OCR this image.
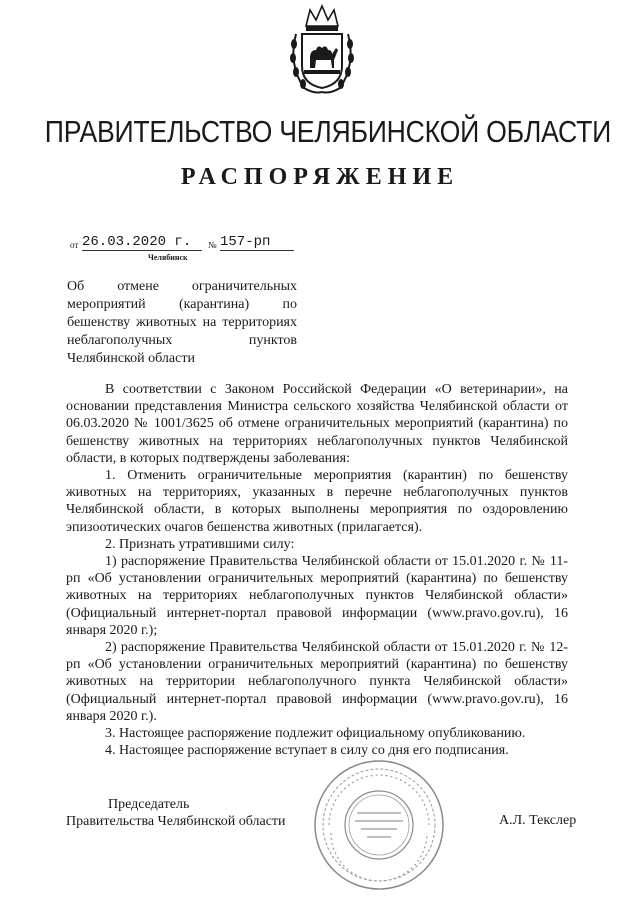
ПРАВИТЕЛЬСТВО ЧЕЛЯБИНСКОЙ ОБЛАСТИ
РАСПОРЯЖЕНИЕ
от 26.03.2020 г.	№ 157-рп
Челябинск
Об отмене ограничительных мероприятий (карантина) по бешенству животных на территориях неблагополучных пунктов Челябинской области

В соответствии с Законом Российской Федерации «О ветеринарии», на основании представления Министра сельского хозяйства Челябинской области от 06.03.2020 № 1001/3625 об отмене ограничительных мероприятий (карантина) по бешенству животных на территориях неблагополучных пунктов Челябинской области, в которых подтверждены заболевания:

1. Отменить ограничительные мероприятия (карантин) по бешенству животных на территориях, указанных в перечне неблагополучных пунктов Челябинской области, в которых выполнены мероприятия по оздоровлению эпизоотических очагов бешенства животных (прилагается).

2. Признать утратившими силу:

1) распоряжение Правительства Челябинской области от 15.01.2020 г. № 11-рп «Об установлении ограничительных мероприятий (карантина) по бешенству животных на территориях неблагополучных пунктов Челябинской области» (Официальный интернет-портал правовой информации (www.pravo.gov.ru), 16 января 2020 г.);

2) распоряжение Правительства Челябинской области от 15.01.2020 г. № 12-рп «Об установлении ограничительных мероприятий (карантина) по бешенству животных на территории неблагополучного пункта Челябинской области» (Официальный интернет-портал правовой информации (www.pravo.gov.ru), 16 января 2020 г.).

3. Настоящее распоряжение подлежит официальному опубликованию.

4. Настоящее распоряжение вступает в силу со дня его подписания.

Председатель
Правительства Челябинской области	А.Л. Текслер
